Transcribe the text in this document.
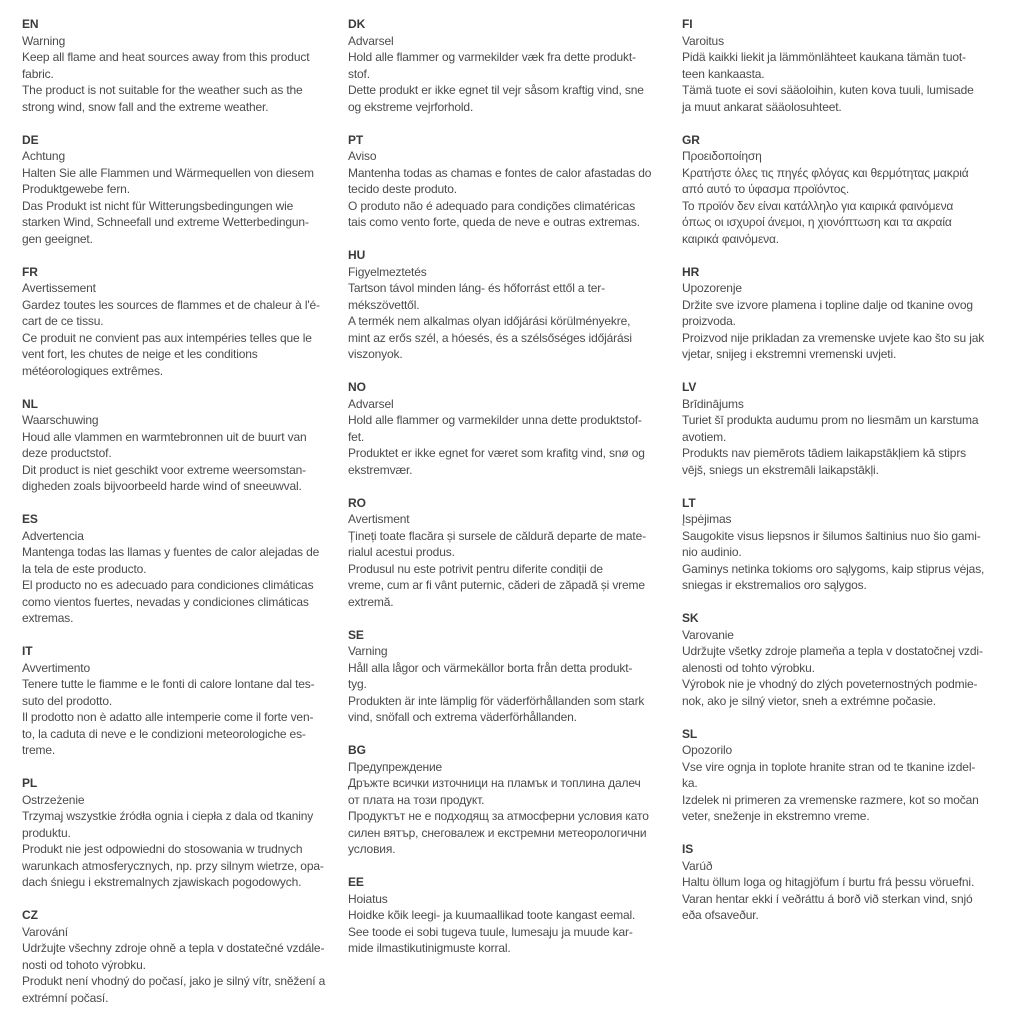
EN
Warning
Keep all flame and heat sources away from this product
fabric.
The product is not suitable for the weather such as the
strong wind, snow fall and the extreme weather.
DE
Achtung
Halten Sie alle Flammen und Wärmequellen von diesem
Produktgewebe fern.
Das Produkt ist nicht für Witterungsbedingungen wie
starken Wind, Schneefall und extreme Wetterbedingun-
gen geeignet.
FR
Avertissement
Gardez toutes les sources de flammes et de chaleur à l'é-
cart de ce tissu.
Ce produit ne convient pas aux intempéries telles que le
vent fort, les chutes de neige et les conditions
météorologiques extrêmes.
NL
Waarschuwing
Houd alle vlammen en warmtebronnen uit de buurt van
deze productstof.
Dit product is niet geschikt voor extreme weersomstan-
digheden zoals bijvoorbeeld harde wind of sneeuwval.
ES
Advertencia
Mantenga todas las llamas y fuentes de calor alejadas de
la tela de este producto.
El producto no es adecuado para condiciones climáticas
como vientos fuertes, nevadas y condiciones climáticas
extremas.
IT
Avvertimento
Tenere tutte le fiamme e le fonti di calore lontane dal tes-
suto del prodotto.
Il prodotto non è adatto alle intemperie come il forte ven-
to, la caduta di neve e le condizioni meteorologiche es-
treme.
PL
Ostrzeżenie
Trzymaj wszystkie źródła ognia i ciepła z dala od tkaniny
produktu.
Produkt nie jest odpowiedni do stosowania w trudnych
warunkach atmosferycznych, np. przy silnym wietrze, opa-
dach śniegu i ekstremalnych zjawiskach pogodowych.
CZ
Varování
Udržujte všechny zdroje ohně a tepla v dostatečné vzdále-
nosti od tohoto výrobku.
Produkt není vhodný do počasí, jako je silný vítr, sněžení a
extrémní počasí.
DK
Advarsel
Hold alle flammer og varmekilder væk fra dette produkt-
stof.
Dette produkt er ikke egnet til vejr såsom kraftig vind, sne
og ekstreme vejrforhold.
PT
Aviso
Mantenha todas as chamas e fontes de calor afastadas do
tecido deste produto.
O produto não é adequado para condições climatéricas
tais como vento forte, queda de neve e outras extremas.
HU
Figyelmeztetés
Tartson távol minden láng- és hőforrást ettől a ter-
mékszövettől.
A termék nem alkalmas olyan időjárási körülményekre,
mint az erős szél, a hóesés, és a szélsőséges időjárási
viszonyok.
NO
Advarsel
Hold alle flammer og varmekilder unna dette produktstof-
fet.
Produktet er ikke egnet for været som krafitg vind, snø og
ekstremvær.
RO
Avertisment
Țineți toate flacăra și sursele de căldură departe de mate-
rialul acestui produs.
Produsul nu este potrivit pentru diferite condiții de
vreme, cum ar fi vânt puternic, căderi de zăpadă și vreme
extremă.
SE
Varning
Håll alla lågor och värmekällor borta från detta produkt-
tyg.
Produkten är inte lämplig för väderförhållanden som stark
vind, snöfall och extrema väderförhållanden.
BG
Предупреждение
Дръжте всички източници на пламък и топлина далеч
от плата на този продукт.
Продуктът не е подходящ за атмосферни условия като
силен вятър, снеговалеж и екстремни метеорологични
условия.
EE
Hoiatus
Hoidke kõik leegi- ja kuumaallikad toote kangast eemal.
See toode ei sobi tugeva tuule, lumesaju ja muude kar-
mide ilmastikutinigmuste korral.
FI
Varoitus
Pidä kaikki liekit ja lämmönlähteet kaukana tämän tuot-
teen kankaasta.
Tämä tuote ei sovi sääoloihin, kuten kova tuuli, lumisade
ja muut ankarat sääolosuhteet.
GR
Προειδοποίηση
Κρατήστε όλες τις πηγές φλόγας και θερμότητας μακριά
από αυτό το ύφασμα προϊόντος.
Το προϊόν δεν είναι κατάλληλο για καιρικά φαινόμενα
όπως οι ισχυροί άνεμοι, η χιονόπτωση και τα ακραία
καιρικά φαινόμενα.
HR
Upozorenje
Držite sve izvore plamena i topline dalje od tkanine ovog
proizvoda.
Proizvod nije prikladan za vremenske uvjete kao što su jak
vjetar, snijeg i ekstremni vremenski uvjeti.
LV
Brīdinājums
Turiet šī produkta audumu prom no liesmām un karstuma
avotiem.
Produkts nav piemērots tādiem laikapstākļiem kā stiprs
vējš, sniegs un ekstremāli laikapstākļi.
LT
Įspėjimas
Saugokite visus liepsnos ir šilumos šaltinius nuo šio gami-
nio audinio.
Gaminys netinka tokioms oro sąlygoms, kaip stiprus vėjas,
sniegas ir ekstremalios oro sąlygos.
SK
Varovanie
Udržujte všetky zdroje plameňa a tepla v dostatočnej vzdi-
alenosti od tohto výrobku.
Výrobok nie je vhodný do zlých poveternostných podmie-
nok, ako je silný vietor, sneh a extrémne počasie.
SL
Opozorilo
Vse vire ognja in toplote hranite stran od te tkanine izdel-
ka.
Izdelek ni primeren za vremenske razmere, kot so močan
veter, sneženje in ekstremno vreme.
IS
Varúð
Haltu öllum loga og hitagjöfum í burtu frá þessu vöruefni.
Varan hentar ekki í veðráttu á borð við sterkan vind, snjó
eða ofsaveður.
